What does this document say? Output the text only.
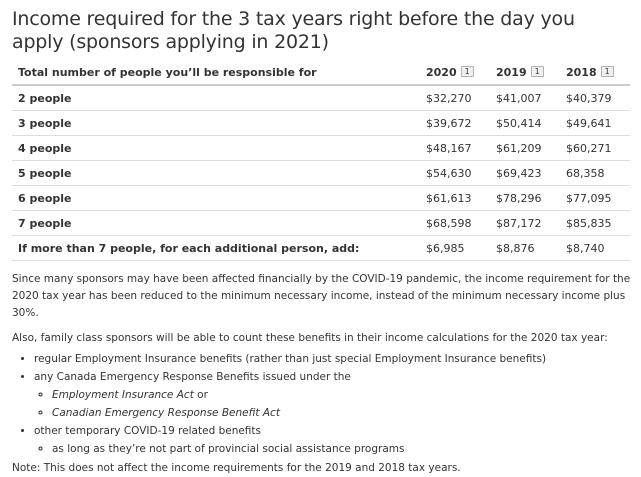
Income required for the 3 tax years right before the day you apply (sponsors applying in 2021)
Total number of people you’ll be responsible for	2020 1	2019 1	2018 1
2 people	$32,270	$41,007	$40,379
3 people	$39,672	$50,414	$49,641
4 people	$48,167	$61,209	$60,271
5 people	$54,630	$69,423	68,358
6 people	$61,613	$78,296	$77,095
7 people	$68,598	$87,172	$85,835
If more than 7 people, for each additional person, add:	$6,985	$8,876	$8,740

Since many sponsors may have been affected financially by the COVID-19 pandemic, the income requirement for the 2020 tax year has been reduced to the minimum necessary income, instead of the minimum necessary income plus 30%.

Also, family class sponsors will be able to count these benefits in their income calculations for the 2020 tax year:

• regular Employment Insurance benefits (rather than just special Employment Insurance benefits)
• any Canada Emergency Response Benefits issued under the
◦ Employment Insurance Act or
◦ Canadian Emergency Response Benefit Act
• other temporary COVID-19 related benefits
◦ as long as they’re not part of provincial social assistance programs

Note: This does not affect the income requirements for the 2019 and 2018 tax years.
